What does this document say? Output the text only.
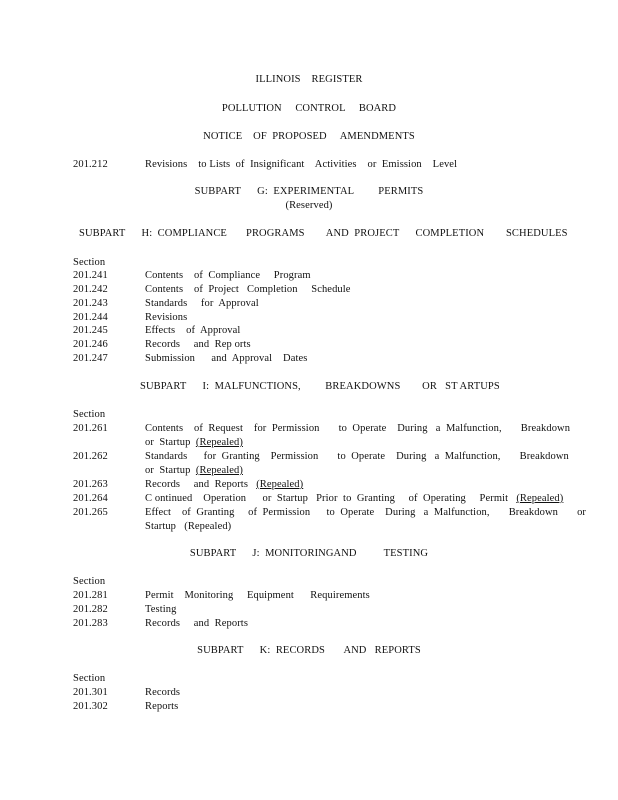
ILLINOIS    REGISTER
POLLUTION     CONTROL     BOARD
NOTICE    OF  PROPOSED     AMENDMENTS
201.212	Revisions    to Lists  of  Insignificant    Activities    or  Emission    Level
SUBPART      G:  EXPERIMENTAL         PERMITS
(Reserved)
SUBPART      H:  COMPLIANCE       PROGRAMS        AND  PROJECT      COMPLETION        SCHEDULES
Section
201.241	Contents    of  Compliance     Program
201.242	Contents    of  Project   Completion     Schedule
201.243	Standards     for  Approval
201.244	Revisions
201.245	Effects    of  Approval
201.246	Records     and  Rep orts
201.247	Submission      and  Approval    Dates
SUBPART      I:  MALFUNCTIONS,         BREAKDOWNS        OR   ST ARTUPS
Section
201.261	Contents    of  Request    for  Permission       to  Operate    During   a  Malfunction,       Breakdown
or  Startup  (Repealed)
201.262	Standards      for  Granting    Permission       to  Operate    During   a  Malfunction,       Breakdown
or  Startup  (Repealed)
201.263	Records     and  Reports   (Repealed)
201.264	C ontinued    Operation      or  Startup   Prior  to  Granting     of  Operating     Permit   (Repealed)
201.265	Effect    of  Granting     of  Permission      to  Operate    During   a  Malfunction,       Breakdown       or
Startup   (Repealed)
SUBPART      J:  MONITORINGAND          TESTING
Section
201.281	Permit    Monitoring     Equipment      Requirements
201.282	Testing
201.283	Records     and  Reports
SUBPART      K:  RECORDS       AND   REPORTS
Section
201.301	Records
201.302	Reports
